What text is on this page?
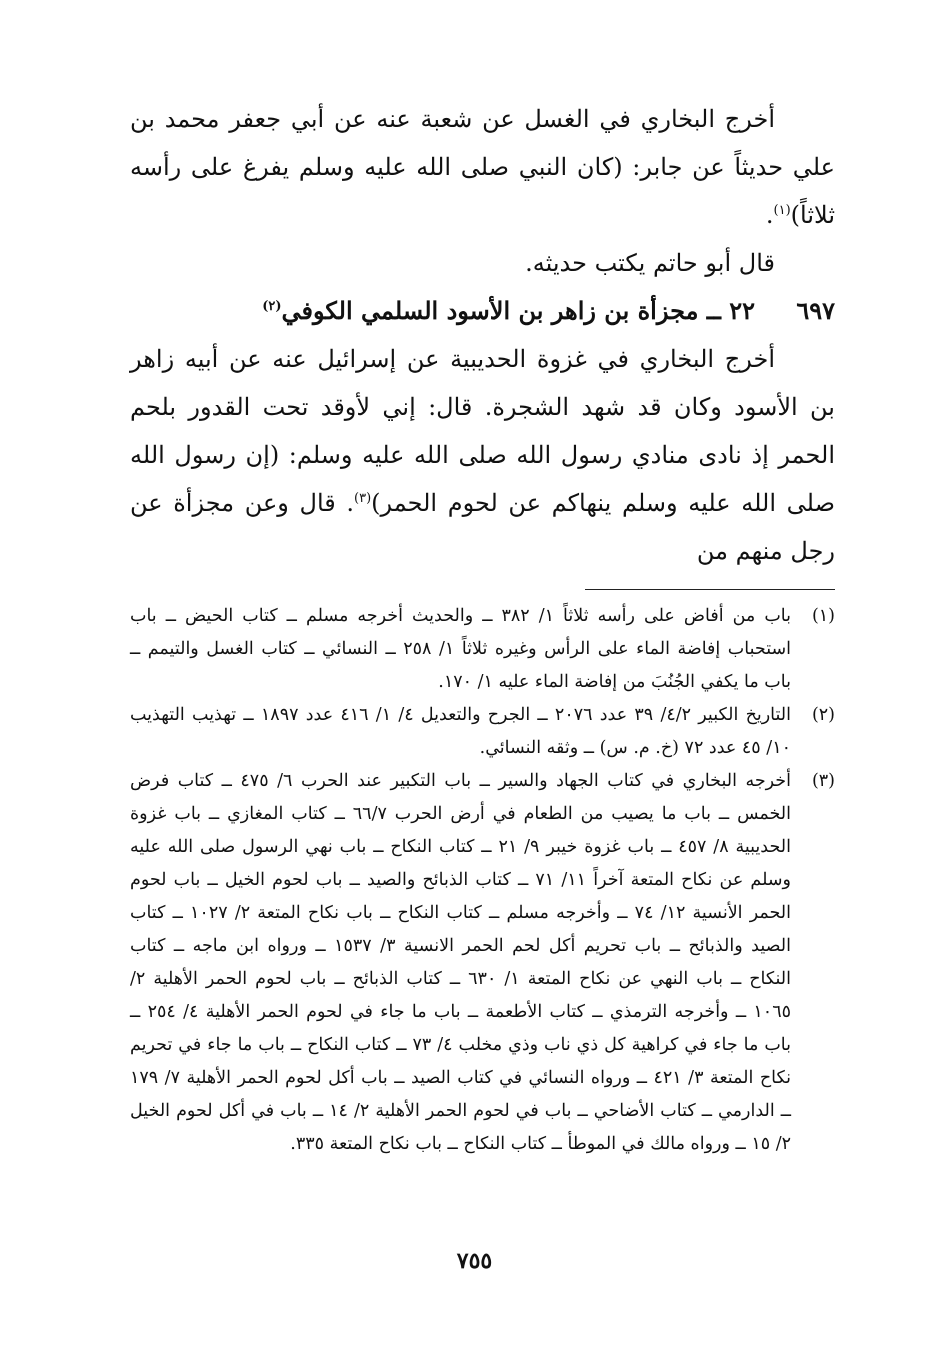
أخرج البخاري في الغسل عن شعبة عنه عن أبي جعفر محمد بن علي حديثاً عن جابر: (كان النبي صلى الله عليه وسلم يفرغ على رأسه ثلاثاً)$^{(١)}$.

قال أبو حاتم يكتب حديثه.

٦٩٧
٢٢ ــ مجزأة بن زاهر بن الأسود السلمي الكوفي$^{(٢)}$

أخرج البخاري في غزوة الحديبية عن إسرائيل عنه عن أبيه زاهر بن الأسود وكان قد شهد الشجرة. قال: إني لأوقد تحت القدور بلحم الحمر إذ نادى منادي رسول الله صلى الله عليه وسلم: (إن رسول الله صلى الله عليه وسلم ينهاكم عن لحوم الحمر)$^{(٣)}$. قال وعن مجزأة عن رجل منهم من

(١)
باب من أفاض على رأسه ثلاثاً ١/ ٣٨٢ ــ والحديث أخرجه مسلم ــ كتاب الحيض ــ باب استحباب إفاضة الماء على الرأس وغيره ثلاثاً ١/ ٢٥٨ ــ النسائي ــ كتاب الغسل والتيمم ــ باب ما يكفي الجُنُبَ من إفاضة الماء عليه ١/ ١٧٠.
(٢)
التاريخ الكبير ٤/٢/ ٣٩ عدد ٢٠٧٦ ــ الجرح والتعديل ٤/ ١/ ٤١٦ عدد ١٨٩٧ ــ تهذيب التهذيب ١٠/ ٤٥ عدد ٧٢ (خ. م. س) ــ وثقه النسائي.
(٣)
أخرجه البخاري في كتاب الجهاد والسير ــ باب التكبير عند الحرب ٦/ ٤٧٥ ــ كتاب فرض الخمس ــ باب ما يصيب من الطعام في أرض الحرب ٦٦/٧ ــ كتاب المغازي ــ باب غزوة الحديبية ٨/ ٤٥٧ ــ باب غزوة خيبر ٩/ ٢١ ــ كتاب النكاح ــ باب نهي الرسول صلى الله عليه وسلم عن نكاح المتعة آخراً ١١/ ٧١ ــ كتاب الذبائح والصيد ــ باب لحوم الخيل ــ باب لحوم الحمر الأنسية ١٢/ ٧٤ ــ وأخرجه مسلم ــ كتاب النكاح ــ باب نكاح المتعة ٢/ ١٠٢٧ ــ كتاب الصيد والذبائح ــ باب تحريم أكل لحم الحمر الانسية ٣/ ١٥٣٧ ــ ورواه ابن ماجه ــ كتاب النكاح ــ باب النهي عن نكاح المتعة ١/ ٦٣٠ ــ كتاب الذبائح ــ باب لحوم الحمر الأهلية ٢/ ١٠٦٥ ــ وأخرجه الترمذي ــ كتاب الأطعمة ــ باب ما جاء في لحوم الحمر الأهلية ٤/ ٢٥٤ ــ باب ما جاء في كراهية كل ذي ناب وذي مخلب ٤/ ٧٣ ــ كتاب النكاح ــ باب ما جاء في تحريم نكاح المتعة ٣/ ٤٢١ ــ ورواه النسائي في كتاب الصيد ــ باب أكل لحوم الحمر الأهلية ٧/ ١٧٩ ــ الدارمي ــ كتاب الأضاحي ــ باب في لحوم الحمر الأهلية ٢/ ١٤ ــ باب في أكل لحوم الخيل ٢/ ١٥ ــ ورواه مالك في الموطأ ــ كتاب النكاح ــ باب نكاح المتعة ٣٣٥.
٧٥٥
